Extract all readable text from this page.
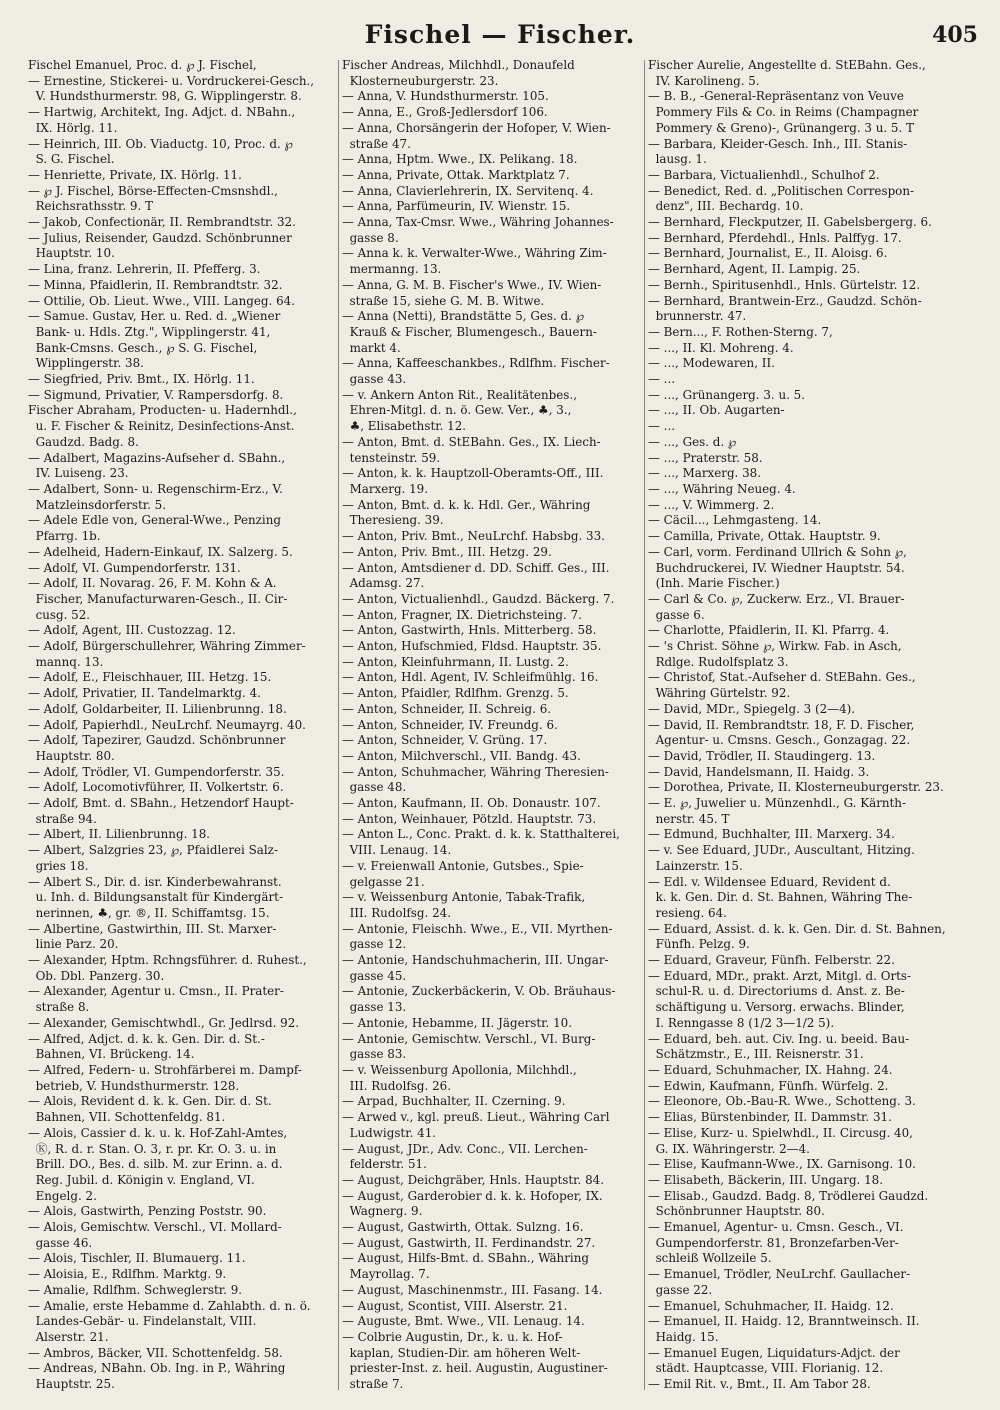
Fischel — Fischer.	405
Fischel Emanuel, Proc. d. ℘ J. Fischel,
— Ernestine, Stickerei- u. Vordruckerei-Gesch.,
V. Hundsthurmerstr. 98, G. Wipplingerstr. 8.
— Hartwig, Architekt, Ing. Adjct. d. NBahn.,
IX. Hörlg. 11.
— Heinrich, III. Ob. Viaductg. 10, Proc. d. ℘
S. G. Fischel.
— Henriette, Private, IX. Hörlg. 11.
— ℘ J. Fischel, Börse-Effecten-Cmsnshdl.,
Reichsrathsstr. 9. T
— Jakob, Confectionär, II. Rembrandtstr. 32.
— Julius, Reisender, Gaudzd. Schönbrunner
Hauptstr. 10.
— Lina, franz. Lehrerin, II. Pfefferg. 3.
— Minna, Pfaidlerin, II. Rembrandtstr. 32.
— Ottilie, Ob. Lieut. Wwe., VIII. Langeg. 64.
— Samue. Gustav, Her. u. Red. d. „Wiener
Bank- u. Hdls. Ztg.", Wipplingerstr. 41,
Bank-Cmsns. Gesch., ℘ S. G. Fischel,
Wipplingerstr. 38.
— Siegfried, Priv. Bmt., IX. Hörlg. 11.
— Sigmund, Privatier, V. Rampersdorfg. 8.
Fischer Abraham, Producten- u. Hadernhdl.,
u. F. Fischer & Reinitz, Desinfections-Anst.
Gaudzd. Badg. 8.
— Adalbert, Magazins-Aufseher d. SBahn.,
IV. Luiseng. 23.
— Adalbert, Sonn- u. Regenschirm-Erz., V.
Matzleinsdorferstr. 5.
— Adele Edle von, General-Wwe., Penzing
Pfarrg. 1b.
— Adelheid, Hadern-Einkauf, IX. Salzerg. 5.
— Adolf, VI. Gumpendorferstr. 131.
— Adolf, II. Novarag. 26, F. M. Kohn & A.
Fischer, Manufacturwaren-Gesch., II. Cir-
cusg. 52.
— Adolf, Agent, III. Custozzag. 12.
— Adolf, Bürgerschullehrer, Währing Zimmer-
mannq. 13.
— Adolf, E., Fleischhauer, III. Hetzg. 15.
— Adolf, Privatier, II. Tandelmarktg. 4.
— Adolf, Goldarbeiter, II. Lilienbrunng. 18.
— Adolf, Papierhdl., NeuLrchf. Neumayrg. 40.
— Adolf, Tapezirer, Gaudzd. Schönbrunner
Hauptstr. 80.
— Adolf, Trödler, VI. Gumpendorferstr. 35.
— Adolf, Locomotivführer, II. Volkertstr. 6.
— Adolf, Bmt. d. SBahn., Hetzendorf Haupt-
straße 94.
— Albert, II. Lilienbrunng. 18.
— Albert, Salzgries 23, ℘, Pfaidlerei Salz-
gries 18.
— Albert S., Dir. d. isr. Kinderbewahranst.
u. Inh. d. Bildungsanstalt für Kindergärt-
nerinnen, ♣, gr. ®, II. Schiffamtsg. 15.
— Albertine, Gastwirthin, III. St. Marxer-
linie Parz. 20.
— Alexander, Hptm. Rchngsführer. d. Ruhest.,
Ob. Dbl. Panzerg. 30.
— Alexander, Agentur u. Cmsn., II. Prater-
straße 8.
— Alexander, Gemischtwhdl., Gr. Jedlrsd. 92.
— Alfred, Adjct. d. k. k. Gen. Dir. d. St.-
Bahnen, VI. Brückeng. 14.
— Alfred, Federn- u. Strohfärberei m. Dampf-
betrieb, V. Hundsthurmerstr. 128.
— Alois, Revident d. k. k. Gen. Dir. d. St.
Bahnen, VII. Schottenfeldg. 81.
— Alois, Cassier d. k. u. k. Hof-Zahl-Amtes,
Ⓚ, R. d. r. Stan. O. 3, r. pr. Kr. O. 3. u. in
Brill. DO., Bes. d. silb. M. zur Erinn. a. d.
Reg. Jubil. d. Königin v. England, VI.
Engelg. 2.
— Alois, Gastwirth, Penzing Poststr. 90.
— Alois, Gemischtw. Verschl., VI. Mollard-
gasse 46.
— Alois, Tischler, II. Blumauerg. 11.
— Aloisia, E., Rdlfhm. Marktg. 9.
— Amalie, Rdlfhm. Schweglerstr. 9.
— Amalie, erste Hebamme d. Zahlabth. d. n. ö.
Landes-Gebär- u. Findelanstalt, VIII.
Alserstr. 21.
— Ambros, Bäcker, VII. Schottenfeldg. 58.
— Andreas, NBahn. Ob. Ing. in P., Währing
Hauptstr. 25.
Fischer Andreas, Milchhdl., Donaufeld
Klosterneuburgerstr. 23.
— Anna, V. Hundsthurmerstr. 105.
— Anna, E., Groß-Jedlersdorf 106.
— Anna, Chorsängerin der Hofoper, V. Wien-
straße 47.
— Anna, Hptm. Wwe., IX. Pelikang. 18.
— Anna, Private, Ottak. Marktplatz 7.
— Anna, Clavierlehrerin, IX. Servitenq. 4.
— Anna, Parfümeurin, IV. Wienstr. 15.
— Anna, Tax-Cmsr. Wwe., Währing Johannes-
gasse 8.
— Anna k. k. Verwalter-Wwe., Währing Zim-
mermanng. 13.
— Anna, G. M. B. Fischer's Wwe., IV. Wien-
straße 15, siehe G. M. B. Witwe.
— Anna (Netti), Brandstätte 5, Ges. d. ℘
Krauß & Fischer, Blumengesch., Bauern-
markt 4.
— Anna, Kaffeeschankbes., Rdlfhm. Fischer-
gasse 43.
— v. Ankern Anton Rit., Realitätenbes.,
Ehren-Mitgl. d. n. ö. Gew. Ver., ♣, 3.,
♣, Elisabethstr. 12.
— Anton, Bmt. d. StEBahn. Ges., IX. Liech-
tensteinstr. 59.
— Anton, k. k. Hauptzoll-Oberamts-Off., III.
Marxerg. 19.
— Anton, Bmt. d. k. k. Hdl. Ger., Währing
Theresieng. 39.
— Anton, Priv. Bmt., NeuLrchf. Habsbg. 33.
— Anton, Priv. Bmt., III. Hetzg. 29.
— Anton, Amtsdiener d. DD. Schiff. Ges., III.
Adamsg. 27.
— Anton, Victualienhdl., Gaudzd. Bäckerg. 7.
— Anton, Fragner, IX. Dietrichsteing. 7.
— Anton, Gastwirth, Hnls. Mitterberg. 58.
— Anton, Hufschmied, Fldsd. Hauptstr. 35.
— Anton, Kleinfuhrmann, II. Lustg. 2.
— Anton, Hdl. Agent, IV. Schleifmühlg. 16.
— Anton, Pfaidler, Rdlfhm. Grenzg. 5.
— Anton, Schneider, II. Schreig. 6.
— Anton, Schneider, IV. Freundg. 6.
— Anton, Schneider, V. Grüng. 17.
— Anton, Milchverschl., VII. Bandg. 43.
— Anton, Schuhmacher, Währing Theresien-
gasse 48.
— Anton, Kaufmann, II. Ob. Donaustr. 107.
— Anton, Weinhauer, Pötzld. Hauptstr. 73.
— Anton L., Conc. Prakt. d. k. k. Statthalterei,
VIII. Lenaug. 14.
— v. Freienwall Antonie, Gutsbes., Spie-
gelgasse 21.
— v. Weissenburg Antonie, Tabak-Trafik,
III. Rudolfsg. 24.
— Antonie, Fleischh. Wwe., E., VII. Myrthen-
gasse 12.
— Antonie, Handschuhmacherin, III. Ungar-
gasse 45.
— Antonie, Zuckerbäckerin, V. Ob. Bräuhaus-
gasse 13.
— Antonie, Hebamme, II. Jägerstr. 10.
— Antonie, Gemischtw. Verschl., VI. Burg-
gasse 83.
— v. Weissenburg Apollonia, Milchhdl.,
III. Rudolfsg. 26.
— Arpad, Buchhalter, II. Czerning. 9.
— Arwed v., kgl. preuß. Lieut., Währing Carl
Ludwigstr. 41.
— August, JDr., Adv. Conc., VII. Lerchen-
felderstr. 51.
— August, Deichgräber, Hnls. Hauptstr. 84.
— August, Garderobier d. k. k. Hofoper, IX.
Wagnerg. 9.
— August, Gastwirth, Ottak. Sulzng. 16.
— August, Gastwirth, II. Ferdinandstr. 27.
— August, Hilfs-Bmt. d. SBahn., Währing
Mayrollag. 7.
— August, Maschinenmstr., III. Fasang. 14.
— August, Scontist, VIII. Alserstr. 21.
— Auguste, Bmt. Wwe., VII. Lenaug. 14.
— Colbrie Augustin, Dr., k. u. k. Hof-
kaplan, Studien-Dir. am höheren Welt-
priester-Inst. z. heil. Augustin, Augustiner-
straße 7.
Fischer Aurelie, Angestellte d. StEBahn. Ges.,
IV. Karolineng. 5.
— B. B., -General-Repräsentanz von Veuve
Pommery Fils & Co. in Reims (Champagner
Pommery & Greno)-, Grünangerg. 3 u. 5. T
— Barbara, Kleider-Gesch. Inh., III. Stanis-
lausg. 1.
— Barbara, Victualienhdl., Schulhof 2.
— Benedict, Red. d. „Politischen Correspon-
denz", III. Bechardg. 10.
— Bernhard, Fleckputzer, II. Gabelsbergerg. 6.
— Bernhard, Pferdehdl., Hnls. Palffyg. 17.
— Bernhard, Journalist, E., II. Aloisg. 6.
— Bernhard, Agent, II. Lampig. 25.
— Bernh., Spiritusenhdl., Hnls. Gürtelstr. 12.
— Bernhard, Brantwein-Erz., Gaudzd. Schön-
brunnerstr. 47.
— Bern..., F. Rothen-Sterng. 7,
— ..., II. Kl. Mohreng. 4.
— ..., Modewaren, II.
— ...
— ..., Grünangerg. 3. u. 5.
— ..., II. Ob. Augarten-
— ...
— ..., Ges. d. ℘
— ..., Praterstr. 58.
— ..., Marxerg. 38.
— ..., Währing Neueg. 4.
— ..., V. Wimmerg. 2.
— Cäcil..., Lehmgasteng. 14.
— Camilla, Private, Ottak. Hauptstr. 9.
— Carl, vorm. Ferdinand Ullrich & Sohn ℘,
Buchdruckerei, IV. Wiedner Hauptstr. 54.
(Inh. Marie Fischer.)
— Carl & Co. ℘, Zuckerw. Erz., VI. Brauer-
gasse 6.
— Charlotte, Pfaidlerin, II. Kl. Pfarrg. 4.
— 's Christ. Söhne ℘, Wirkw. Fab. in Asch,
Rdlge. Rudolfsplatz 3.
— Christof, Stat.-Aufseher d. StEBahn. Ges.,
Währing Gürtelstr. 92.
— David, MDr., Spiegelg. 3 (2—4).
— David, II. Rembrandtstr. 18, F. D. Fischer,
Agentur- u. Cmsns. Gesch., Gonzagag. 22.
— David, Trödler, II. Staudingerg. 13.
— David, Handelsmann, II. Haidg. 3.
— Dorothea, Private, II. Klosterneuburgerstr. 23.
— E. ℘, Juwelier u. Münzenhdl., G. Kärnth-
nerstr. 45. T
— Edmund, Buchhalter, III. Marxerg. 34.
— v. See Eduard, JUDr., Auscultant, Hitzing.
Lainzerstr. 15.
— Edl. v. Wildensee Eduard, Revident d.
k. k. Gen. Dir. d. St. Bahnen, Währing The-
resieng. 64.
— Eduard, Assist. d. k. k. Gen. Dir. d. St. Bahnen,
Fünfh. Pelzg. 9.
— Eduard, Graveur, Fünfh. Felberstr. 22.
— Eduard, MDr., prakt. Arzt, Mitgl. d. Orts-
schul-R. u. d. Directoriums d. Anst. z. Be-
schäftigung u. Versorg. erwachs. Blinder,
I. Renngasse 8 (1/2 3—1/2 5).
— Eduard, beh. aut. Civ. Ing. u. beeid. Bau-
Schätzmstr., E., III. Reisnerstr. 31.
— Eduard, Schuhmacher, IX. Hahng. 24.
— Edwin, Kaufmann, Fünfh. Würfelg. 2.
— Eleonore, Ob.-Bau-R. Wwe., Schotteng. 3.
— Elias, Bürstenbinder, II. Dammstr. 31.
— Elise, Kurz- u. Spielwhdl., II. Circusg. 40,
G. IX. Währingerstr. 2—4.
— Elise, Kaufmann-Wwe., IX. Garnisong. 10.
— Elisabeth, Bäckerin, III. Ungarg. 18.
— Elisab., Gaudzd. Badg. 8, Trödlerei Gaudzd.
Schönbrunner Hauptstr. 80.
— Emanuel, Agentur- u. Cmsn. Gesch., VI.
Gumpendorferstr. 81, Bronzefarben-Ver-
schleiß Wollzeile 5.
— Emanuel, Trödler, NeuLrchf. Gaullacher-
gasse 22.
— Emanuel, Schuhmacher, II. Haidg. 12.
— Emanuel, II. Haidg. 12, Branntweinsch. II.
Haidg. 15.
— Emanuel Eugen, Liquidaturs-Adjct. der
städt. Hauptcasse, VIII. Florianig. 12.
— Emil Rit. v., Bmt., II. Am Tabor 28.
